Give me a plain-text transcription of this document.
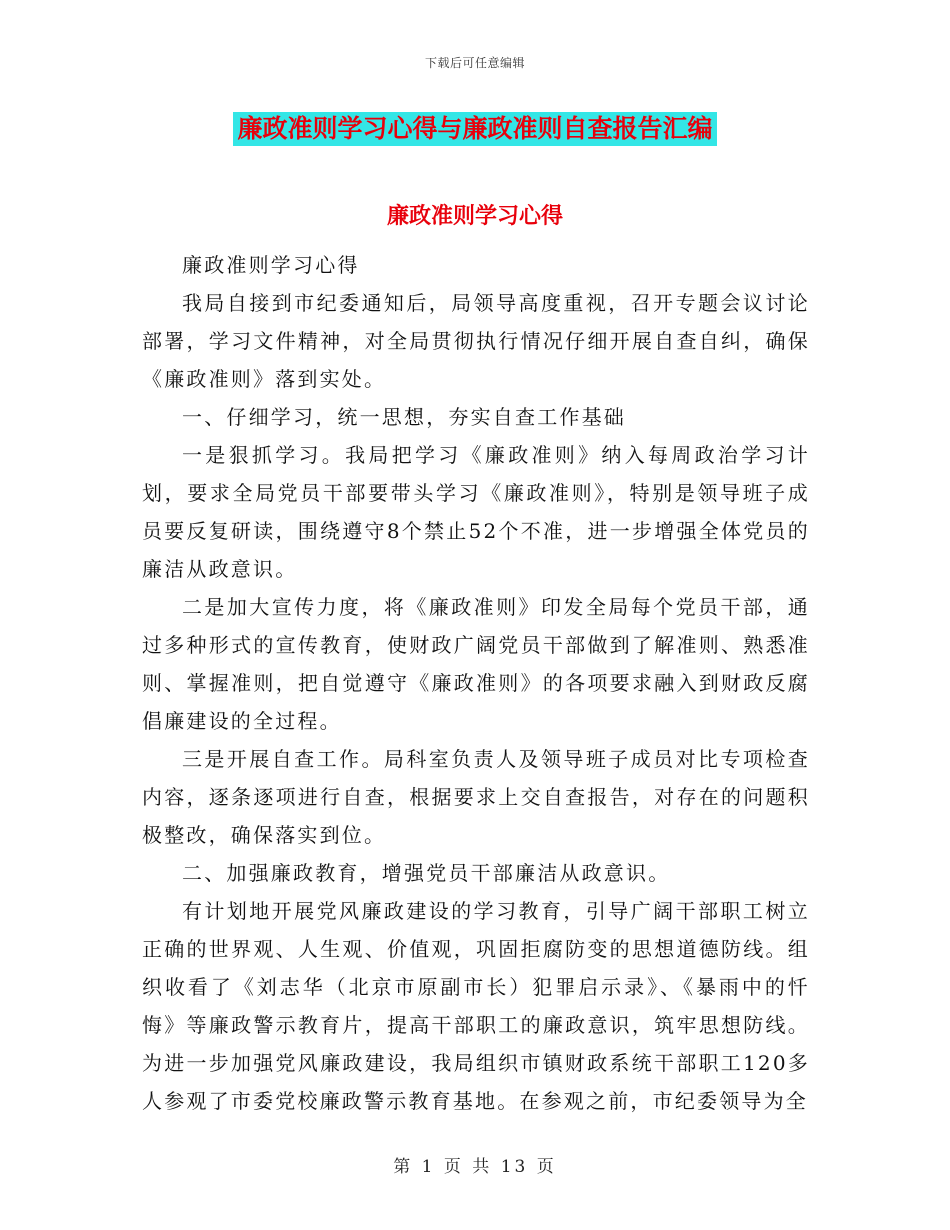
下载后可任意编辑
廉政准则学习心得与廉政准则自查报告汇编
廉政准则学习心得

廉政准则学习心得

我局自接到市纪委通知后，局领导高度重视，召开专题会议讨论部署，学习文件精神，对全局贯彻执行情况仔细开展自查自纠，确保《廉政准则》落到实处。

一、仔细学习，统一思想，夯实自查工作基础

一是狠抓学习。我局把学习《廉政准则》纳入每周政治学习计划，要求全局党员干部要带头学习《廉政准则》，特别是领导班子成员要反复研读，围绕遵守8个禁止52个不准，进一步增强全体党员的廉洁从政意识。

二是加大宣传力度，将《廉政准则》印发全局每个党员干部，通过多种形式的宣传教育，使财政广阔党员干部做到了解准则、熟悉准则、掌握准则，把自觉遵守《廉政准则》的各项要求融入到财政反腐倡廉建设的全过程。

三是开展自查工作。局科室负责人及领导班子成员对比专项检查内容，逐条逐项进行自查，根据要求上交自查报告，对存在的问题积极整改，确保落实到位。

二、加强廉政教育，增强党员干部廉洁从政意识。

有计划地开展党风廉政建设的学习教育，引导广阔干部职工树立正确的世界观、人生观、价值观，巩固拒腐防变的思想道德防线。组织收看了《刘志华（北京市原副市长）犯罪启示录》、《暴雨中的忏悔》等廉政警示教育片，提高干部职工的廉政意识，筑牢思想防线。为进一步加强党风廉政建设，我局组织市镇财政系统干部职工120多人参观了市委党校廉政警示教育基地。在参观之前，市纪委领导为全

第 1 页 共 13 页
